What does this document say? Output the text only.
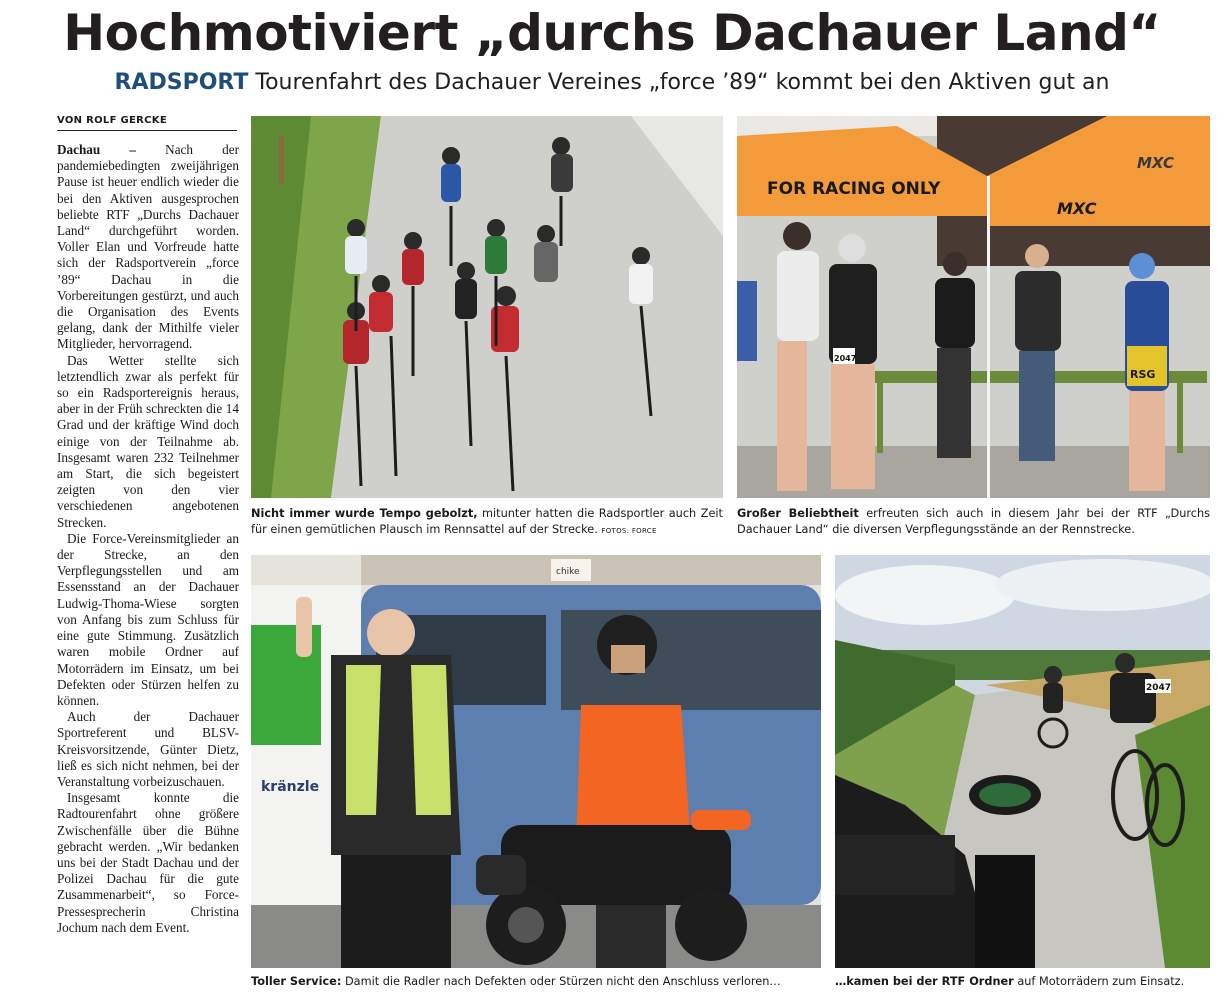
Hochmotiviert „durchs Dachauer Land“
RADSPORT Tourenfahrt des Dachauer Vereines „force ’89“ kommt bei den Aktiven gut an
VON ROLF GERCKE

Dachau – Nach der pandemiebedingten zweijährigen Pause ist heuer endlich wieder die bei den Aktiven ausgesprochen beliebte RTF „Durchs Dachauer Land“ durchgeführt worden. Voller Elan und Vorfreude hatte sich der Radsportverein „force ’89“ Dachau in die Vorbereitungen gestürzt, und auch die Organisation des Events gelang, dank der Mithilfe vieler Mitglieder, hervorragend.

Das Wetter stellte sich letztendlich zwar als perfekt für so ein Radsportereignis heraus, aber in der Früh schreckten die 14 Grad und der kräftige Wind doch einige von der Teilnahme ab. Insgesamt waren 232 Teilnehmer am Start, die sich begeistert zeigten von den vier verschiedenen angebotenen Strecken.

Die Force-Vereinsmitglieder an der Strecke, an den Verpflegungsstellen und am Essensstand an der Dachauer Ludwig-Thoma-Wiese sorgten von Anfang bis zum Schluss für eine gute Stimmung. Zusätzlich waren mobile Ordner auf Motorrädern im Einsatz, um bei Defekten oder Stürzen helfen zu können.

Auch der Dachauer Sportreferent und BLSV-Kreisvorsitzende, Günter Dietz, ließ es sich nicht nehmen, bei der Veranstaltung vorbeizuschauen.

Insgesamt konnte die Radtourenfahrt ohne größere Zwischenfälle über die Bühne gebracht werden. „Wir bedanken uns bei der Stadt Dachau und der Polizei Dachau für die gute Zusammenarbeit“, so Force-Pressesprecherin Christina Jochum nach dem Event.

Nicht immer wurde Tempo gebolzt, mitunter hatten die Radsportler auch Zeit für einen gemütlichen Plausch im Rennsattel auf der Strecke. FOTOS: FORCE
FOR RACING ONLY
MXC
MXC
2047
RSG
Großer Beliebtheit erfreuten sich auch in diesem Jahr bei der RTF „Durchs Dachauer Land“ die diversen Verpflegungsstände an der Rennstrecke.
chike
kränzle
Toller Service: Damit die Radler nach Defekten oder Stürzen nicht den Anschluss verloren…
2047
…kamen bei der RTF Ordner auf Motorrädern zum Einsatz.
